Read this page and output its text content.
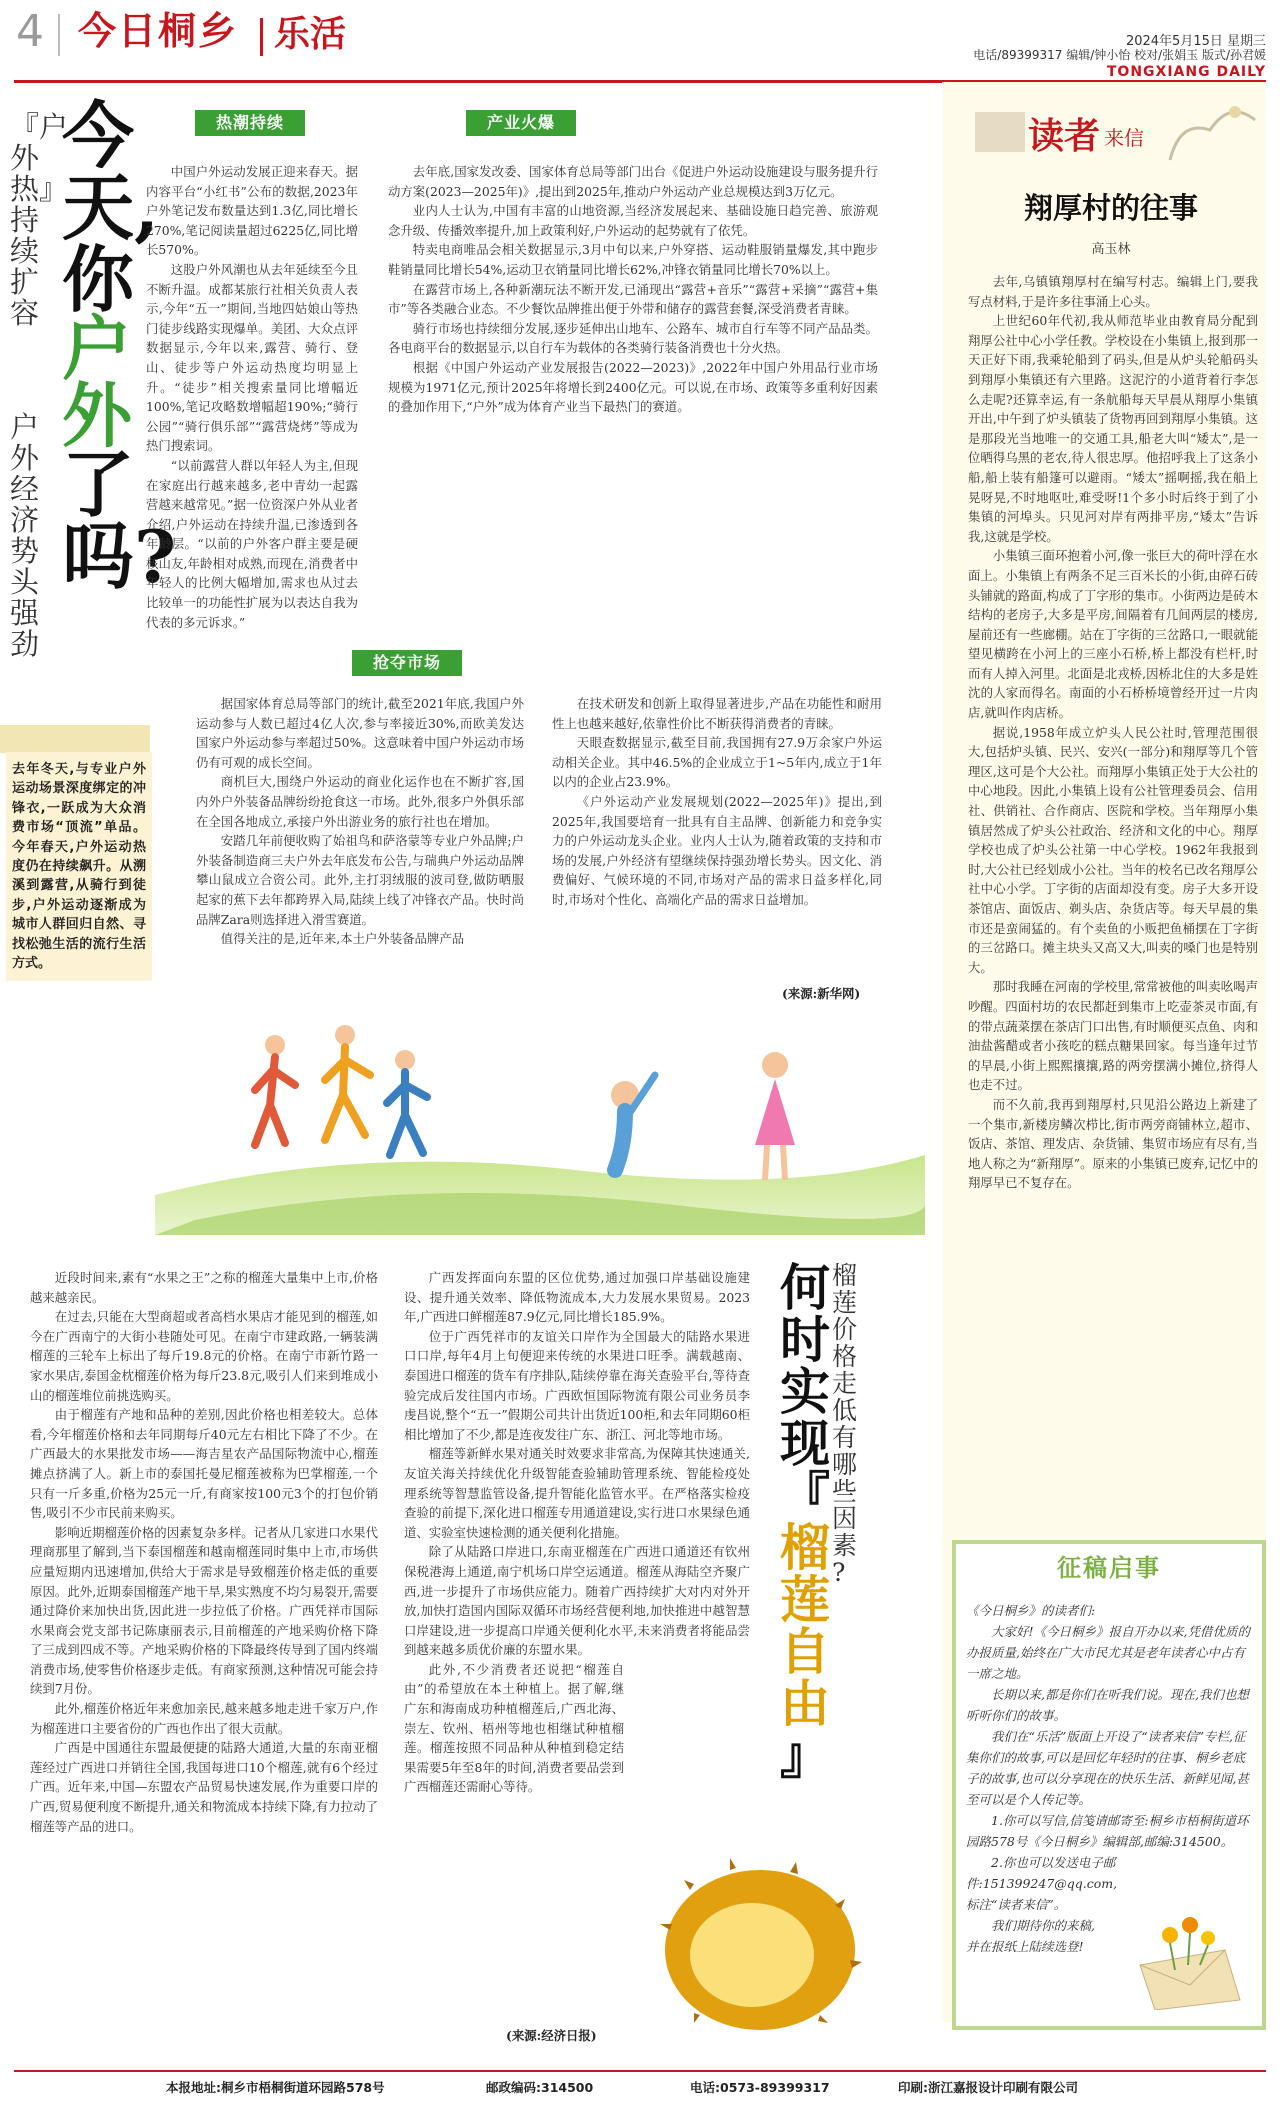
4 今日桐乡 乐活	2024年5月15日 星期三
电话/89399317 编辑/钟小怡 校对/张娟玉 版式/孙君媛
TONGXIANG DAILY
『户外热』持续扩容
户外经济势头强劲
今
天,
你
户外
了
吗?
去年冬天,与专业户外运动场景深度绑定的冲锋衣,一跃成为大众消费市场“顶流”单品。今年春天,户外运动热度仍在持续飙升。从溯溪到露营,从骑行到徒步,户外运动逐渐成为城市人群回归自然、寻找松弛生活的流行生活方式。
热潮持续	产业火爆
抢夺市场

中国户外运动发展正迎来春天。据内容平台“小红书”公布的数据,2023年户外笔记发布数量达到1.3亿,同比增长270%,笔记阅读量超过6225亿,同比增长570%。

这股户外风潮也从去年延续至今且不断升温。成都某旅行社相关负责人表示,今年“五一”期间,当地四姑娘山等热门徒步线路实现爆单。美团、大众点评数据显示,今年以来,露营、骑行、登山、徒步等户外运动热度均明显上升。“徒步”相关搜索量同比增幅近100%,笔记攻略数增幅超190%;“骑行公园”“骑行俱乐部”“露营烧烤”等成为热门搜索词。

“以前露营人群以年轻人为主,但现在家庭出行越来越多,老中青幼一起露营越来越常见。”据一位资深户外从业者介绍,户外运动在持续升温,已渗透到各年龄层。“以前的户外客户群主要是硬核山友,年龄相对成熟,而现在,消费者中年轻人的比例大幅增加,需求也从过去比较单一的功能性扩展为以表达自我为代表的多元诉求。”

去年底,国家发改委、国家体育总局等部门出台《促进户外运动设施建设与服务提升行动方案(2023—2025年)》,提出到2025年,推动户外运动产业总规模达到3万亿元。

业内人士认为,中国有丰富的山地资源,当经济发展起来、基础设施日趋完善、旅游观念升级、传播效率提升,加上政策利好,户外运动的起势就有了依凭。

特卖电商唯品会相关数据显示,3月中旬以来,户外穿搭、运动鞋服销量爆发,其中跑步鞋销量同比增长54%,运动卫衣销量同比增长62%,冲锋衣销量同比增长70%以上。

在露营市场上,各种新潮玩法不断开发,已涌现出“露营+音乐”“露营+采摘”“露营+集市”等各类融合业态。不少餐饮品牌推出便于外带和储存的露营套餐,深受消费者青睐。

骑行市场也持续细分发展,逐步延伸出山地车、公路车、城市自行车等不同产品品类。各电商平台的数据显示,以自行车为载体的各类骑行装备消费也十分火热。

根据《中国户外运动产业发展报告(2022—2023)》,2022年中国户外用品行业市场规模为1971亿元,预计2025年将增长到2400亿元。可以说,在市场、政策等多重利好因素的叠加作用下,“户外”成为体育产业当下最热门的赛道。

据国家体育总局等部门的统计,截至2021年底,我国户外运动参与人数已超过4亿人次,参与率接近30%,而欧美发达国家户外运动参与率超过50%。这意味着中国户外运动市场仍有可观的成长空间。

商机巨大,围绕户外运动的商业化运作也在不断扩容,国内外户外装备品牌纷纷抢食这一市场。此外,很多户外俱乐部在全国各地成立,承接户外出游业务的旅行社也在增加。

安踏几年前便收购了始祖鸟和萨洛蒙等专业户外品牌;户外装备制造商三夫户外去年底发布公告,与瑞典户外运动品牌攀山鼠成立合资公司。此外,主打羽绒服的波司登,做防晒服起家的蕉下去年都跨界入局,陆续上线了冲锋衣产品。快时尚品牌Zara则选择进入滑雪赛道。

值得关注的是,近年来,本土户外装备品牌产品

在技术研发和创新上取得显著进步,产品在功能性和耐用性上也越来越好,依靠性价比不断获得消费者的青睐。

天眼查数据显示,截至目前,我国拥有27.9万余家户外运动相关企业。其中46.5%的企业成立于1~5年内,成立于1年以内的企业占23.9%。

《户外运动产业发展规划(2022—2025年)》提出,到2025年,我国要培育一批具有自主品牌、创新能力和竞争实力的户外运动龙头企业。业内人士认为,随着政策的支持和市场的发展,户外经济有望继续保持强劲增长势头。因文化、消费偏好、气候环境的不同,市场对产品的需求日益多样化,同时,市场对个性化、高端化产品的需求日益增加。

(来源:新华网)
榴
莲
价
格
走
低
有
哪
些
因
素
?
何
时
实
现
『
榴
莲
自
由
』

近段时间来,素有“水果之王”之称的榴莲大量集中上市,价格越来越亲民。

在过去,只能在大型商超或者高档水果店才能见到的榴莲,如今在广西南宁的大街小巷随处可见。在南宁市建政路,一辆装满榴莲的三轮车上标出了每斤19.8元的价格。在南宁市新竹路一家水果店,泰国金枕榴莲价格为每斤23.8元,吸引人们来到堆成小山的榴莲堆位前挑选购买。

由于榴莲有产地和品种的差别,因此价格也相差较大。总体看,今年榴莲价格和去年同期每斤40元左右相比下降了不少。在广西最大的水果批发市场——海吉星农产品国际物流中心,榴莲摊点挤满了人。新上市的泰国托曼尼榴莲被称为巴掌榴莲,一个只有一斤多重,价格为25元一斤,有商家按100元3个的打包价销售,吸引不少市民前来购买。

影响近期榴莲价格的因素复杂多样。记者从几家进口水果代理商那里了解到,当下泰国榴莲和越南榴莲同时集中上市,市场供应量短期内迅速增加,供给大于需求是导致榴莲价格走低的重要原因。此外,近期泰国榴莲产地干旱,果实熟度不均匀易裂开,需要通过降价来加快出货,因此进一步拉低了价格。广西凭祥市国际水果商会党支部书记陈康丽表示,目前榴莲的产地采购价格下降了三成到四成不等。产地采购价格的下降最终传导到了国内终端消费市场,使零售价格逐步走低。有商家预测,这种情况可能会持续到7月份。

此外,榴莲价格近年来愈加亲民,越来越多地走进千家万户,作为榴莲进口主要省份的广西也作出了很大贡献。

广西是中国通往东盟最便捷的陆路大通道,大量的东南亚榴莲经过广西进口并销往全国,我国每进口10个榴莲,就有6个经过广西。近年来,中国—东盟农产品贸易快速发展,作为重要口岸的广西,贸易便利度不断提升,通关和物流成本持续下降,有力拉动了榴莲等产品的进口。

广西发挥面向东盟的区位优势,通过加强口岸基础设施建设、提升通关效率、降低物流成本,大力发展水果贸易。2023年,广西进口鲜榴莲87.9亿元,同比增长185.9%。

位于广西凭祥市的友谊关口岸作为全国最大的陆路水果进口口岸,每年4月上旬便迎来传统的水果进口旺季。满载越南、泰国进口榴莲的货车有序排队,陆续停靠在海关查验平台,等待查验完成后发往国内市场。广西欧恒国际物流有限公司业务员李虔昌说,整个“五一”假期公司共计出货近100柜,和去年同期60柜相比增加了不少,都是连夜发往广东、浙江、河北等地市场。

榴莲等新鲜水果对通关时效要求非常高,为保障其快速通关,友谊关海关持续优化升级智能查验辅助管理系统、智能检疫处理系统等智慧监管设备,提升智能化监管水平。在严格落实检疫查验的前提下,深化进口榴莲专用通道建设,实行进口水果绿色通道、实验室快速检测的通关便利化措施。

除了从陆路口岸进口,东南亚榴莲在广西进口通道还有钦州保税港海上通道,南宁机场口岸空运通道。榴莲从海陆空齐聚广西,进一步提升了市场供应能力。随着广西持续扩大对内对外开放,加快打造国内国际双循环市场经营便利地,加快推进中越智慧口岸建设,进一步提高口岸通关便利化水平,未来消费者将能品尝到越来越多质优价廉的东盟水果。

此外,不少消费者还说把“榴莲自由”的希望放在本土种植上。据了解,继广东和海南成功种植榴莲后,广西北海、崇左、钦州、梧州等地也相继试种植榴莲。榴莲按照不同品种从种植到稳定结果需要5年至8年的时间,消费者要品尝到广西榴莲还需耐心等待。

(来源:经济日报)
读者 来信
翔厚村的往事
高玉林

去年,乌镇镇翔厚村在编写村志。编辑上门,要我写点材料,于是许多往事涌上心头。

上世纪60年代初,我从师范毕业由教育局分配到翔厚公社中心小学任教。学校设在小集镇上,报到那一天正好下雨,我乘轮船到了码头,但是从炉头轮船码头到翔厚小集镇还有六里路。这泥泞的小道背着行李怎么走呢?还算幸运,有一条航船每天早晨从翔厚小集镇开出,中午到了炉头镇装了货物再回到翔厚小集镇。这是那段光当地唯一的交通工具,船老大叫“矮太”,是一位晒得乌黑的老农,待人很忠厚。他招呼我上了这条小船,船上装有船篷可以避雨。“矮太”摇啊摇,我在船上晃呀晃,不时地呕吐,难受呀!1个多小时后终于到了小集镇的河埠头。只见河对岸有两排平房,“矮太”告诉我,这就是学校。

小集镇三面环抱着小河,像一张巨大的荷叶浮在水面上。小集镇上有两条不足三百米长的小街,由碎石砖头铺就的路面,构成了丁字形的集市。小街两边是砖木结构的老房子,大多是平房,间隔着有几间两层的楼房,屋前还有一些廊棚。站在丁字街的三岔路口,一眼就能望见横跨在小河上的三座小石桥,桥上都没有栏杆,时而有人掉入河里。北面是北戎桥,因桥北住的大多是姓沈的人家而得名。南面的小石桥桥境曾经开过一片肉店,就叫作肉店桥。

据说,1958年成立炉头人民公社时,管理范围很大,包括炉头镇、民兴、安兴(一部分)和翔厚等几个管理区,这可是个大公社。而翔厚小集镇正处于大公社的中心地段。因此,小集镇上设有公社管理委员会、信用社、供销社、合作商店、医院和学校。当年翔厚小集镇居然成了炉头公社政治、经济和文化的中心。翔厚学校也成了炉头公社第一中心学校。1962年我报到时,大公社已经划成小公社。当年的校名已改名翔厚公社中心小学。丁字街的店面却没有变。房子大多开设茶馆店、面饭店、剃头店、杂货店等。每天早晨的集市还是蛮闹猛的。有个卖鱼的小贩把鱼桶摆在丁字街的三岔路口。摊主块头又高又大,叫卖的嗓门也是特别大。

那时我睡在河南的学校里,常常被他的叫卖吆喝声吵醒。四面村坊的农民都赶到集市上吃壶茶灵市面,有的带点蔬菜摆在茶店门口出售,有时顺便买点鱼、肉和油盐酱醋或者小孩吃的糕点糖果回家。每当逢年过节的早晨,小街上熙熙攘攘,路的两旁摆满小摊位,挤得人也走不过。

而不久前,我再到翔厚村,只见沿公路边上新建了一个集市,新楼房鳞次栉比,街市两旁商铺林立,超市、饭店、茶馆、理发店、杂货铺、集贸市场应有尽有,当地人称之为“新翔厚”。原来的小集镇已废弃,记忆中的翔厚早已不复存在。

征稿启事

《今日桐乡》的读者们:

大家好!《今日桐乡》报自开办以来,凭借优质的办报质量,始终在广大市民尤其是老年读者心中占有一席之地。

长期以来,都是你们在听我们说。现在,我们也想听听你们的故事。

我们在“乐活”版面上开设了“读者来信”专栏,征集你们的故事,可以是回忆年轻时的往事、桐乡老底子的故事,也可以分享现在的快乐生活、新鲜见闻,甚至可以是个人传记等。

1.你可以写信,信笺请邮寄至:桐乡市梧桐街道环园路578号《今日桐乡》编辑部,邮编:314500。

2.你也可以发送电子邮件:151399247@qq.com,标注“读者来信”。

我们期待你的来稿,并在报纸上陆续选登!

本报地址:桐乡市梧桐街道环园路578号	邮政编码:314500	电话:0573-89399317	印刷:浙江嘉报设计印刷有限公司
